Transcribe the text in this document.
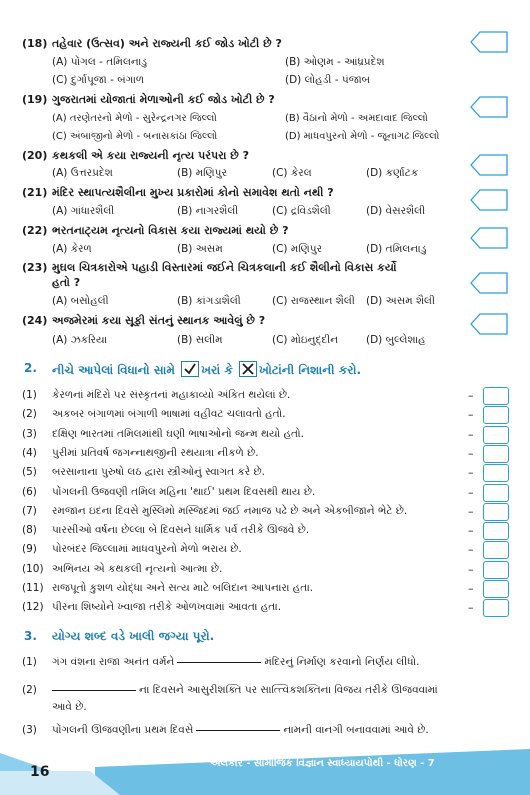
(18) તહેવાર (ઉત્સવ) અને રાજ્યની કઈ જોડ ખોટી છે ?
(A) પોંગલ - તમિલનાડુ	(B) ઓણમ - આંધ્રપ્રદેશ
(C) દુર્ગાપૂજા - બંગાળ	(D) લોહડી - પંજાબ
(19) ગુજરાતમાં યોજાતાં મેળાઓની કઈ જોડ ખોટી છે ?
(A) તરણેતરનો મેળો - સુરેન્દ્રનગર જિલ્લો	(B) વૈઠાનો મેળો - અમદાવાદ જિલ્લો
(C) અંબાજીનો મેળો - બનાસકાંઠા જિલ્લો	(D) માધવપુરનો મેળો - જૂનાગઢ જિલ્લો
(20) કથકલી એ કયા રાજ્યની નૃત્ય પરંપરા છે ?
(A) ઉત્તરપ્રદેશ	(B) મણિપુર	(C) કેરલ	(D) કર્ણાટક
(21) મંદિર સ્થાપત્યશૈલીના મુખ્ય પ્રકારોમાં કોનો સમાવેશ થતો નથી ?
(A) ગાંધારશૈલી	(B) નાગરશૈલી	(C) દ્રવિડશૈલી	(D) વેસરશૈલી
(22) ભરતનાટ્યમ નૃત્યનો વિકાસ કયા રાજ્યમાં થયો છે ?
(A) કેરળ	(B) અસમ	(C) મણિપુર	(D) તમિલનાડુ
(23) મુઘલ ચિત્રકારોએ પહાડી વિસ્તારમાં જઈને ચિત્રકલાની કઈ શૈલીનો વિકાસ કર્યો
હતો ?
(A) બસોહલી	(B) કાંગડાશૈલી	(C) રાજસ્થાન શૈલી (D) અસમ શૈલી
(24) અજમેરમાં કયા સૂફી સંતનું સ્થાનક આવેલું છે ?
(A) ઝકરિયા	(B) સલીમ	(C) મોઇનુદ્દીન	(D) બુલ્લેશાહ
2. નીચે આપેલાં વિધાનો સામે ખરાં કે ખોટાંની નિશાની કરો.
(1) કેરળનાં મંદિરો પર સંસ્કૃતનાં મહાકાવ્યો અંકિત થયેલાં છે.	–
(2) અકબર બંગાળમાં બંગાળી ભાષામાં વહીવટ ચલાવતો હતો.	–
(3) દક્ષિણ ભારતમાં તમિલમાંથી ઘણી ભાષાઓનો જન્મ થયો હતો.	–
(4) પુરીમાં પ્રતિવર્ષ જગન્નાથજીની રથયાત્રા નીકળે છે.	–
(5) બરસાનાના પુરુષો લઠ દ્વારા સ્ત્રીઓનું સ્વાગત કરે છે.	–
(6) પોંગલની ઉજવણી તમિલ મહિના 'થાઈ' પ્રથમ દિવસથી થાય છે.	–
(7) રમજાન ઇદના દિવસે મુસ્લિમો મસ્જિદમાં જઈ નમાજ પઢે છે અને એકબીજાને ભેટે છે.	–
(8) પારસીઓ વર્ષના છેલ્લા બે દિવસને ધાર્મિક પર્વ તરીકે ઊજવે છે.	–
(9) પોરબંદર જિલ્લામાં માધવપુરનો મેળો ભરાય છે.	–
(10) અભિનય એ કથકલી નૃત્યનો આત્મા છે.	–
(11) રાજપૂતો કુશળ યોદ્ધા અને સત્ય માટે બલિદાન આપનારા હતા.	–
(12) પીરના શિષ્યોને ખ્વાજા તરીકે ઓળખવામાં આવતા હતા.	–
3. યોગ્ય શબ્દ વડે ખાલી જગ્યા પૂરો.
(1) ગંગ વંશના રાજા અનંત વર્મને	મંદિરનું નિર્માણ કરવાનો નિર્ણય લીધો.
(2)	ના દિવસને આસુરીશક્તિ પર સાત્ત્વિકશક્તિના વિજય તરીકે ઊજવવામાં
આવે છે.
(3) પોંગલની ઊજવણીના પ્રથમ દિવસે	નામની વાનગી બનાવવામાં આવે છે.
16
અલંકાર - સામાજિક વિજ્ઞાન સ્વાધ્યાયપોથી - ધોરણ - 7
